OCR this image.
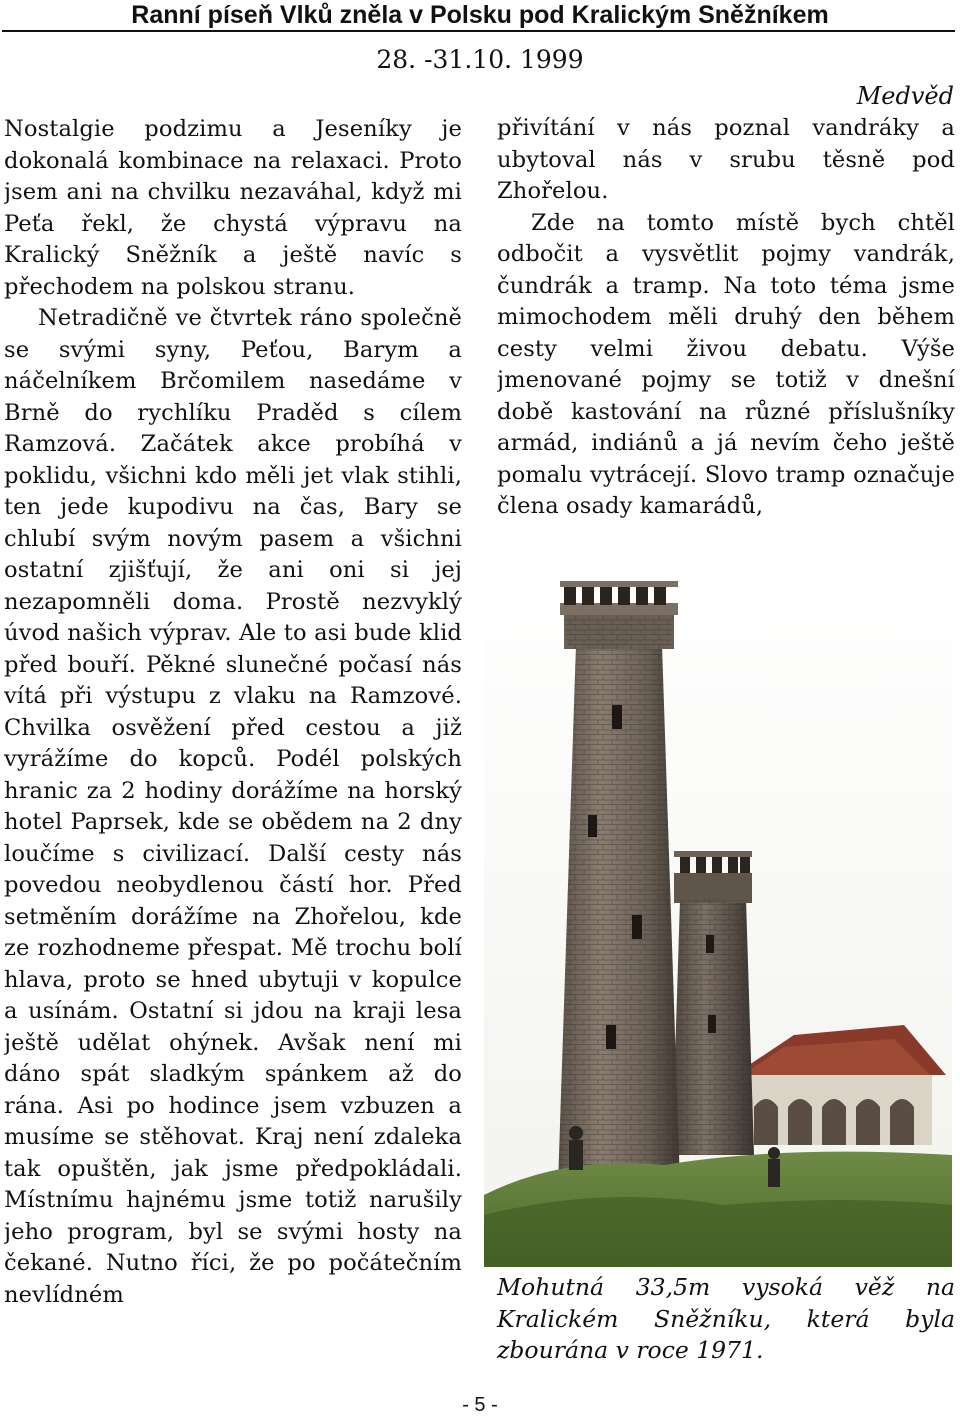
Ranní píseň Vlků zněla v Polsku pod Kralickým Sněžníkem
28. -31.10. 1999

Nostalgie podzimu a Jeseníky je dokonalá kombinace na relaxaci. Proto jsem ani na chvilku nezaváhal, když mi Peťa řekl, že chystá výpravu na Kralický Sněžník a ještě navíc s přechodem na polskou stranu.

Netradičně ve čtvrtek ráno společně se svými syny, Peťou, Barym a náčelníkem Brčomilem nasedáme v Brně do rychlíku Praděd s cílem Ramzová. Začátek akce probíhá v poklidu, všichni kdo měli jet vlak stihli, ten jede kupodivu na čas, Bary se chlubí svým novým pasem a všichni ostatní zjišťují, že ani oni si jej nezapomněli doma. Prostě nezvyklý úvod našich výprav. Ale to asi bude klid před bouří. Pěkné slunečné počasí nás vítá při výstupu z vlaku na Ramzové. Chvilka osvěžení před cestou a již vyrážíme do kopců. Podél polských hranic za 2 hodiny dorážíme na horský hotel Paprsek, kde se obědem na 2 dny loučíme s civilizací. Další cesty nás povedou neobydlenou částí hor. Před setměním dorážíme na Zhořelou, kde ze rozhodneme přespat. Mě trochu bolí hlava, proto se hned ubytuji v kopulce a usínám. Ostatní si jdou na kraji lesa ještě udělat ohýnek. Avšak není mi dáno spát sladkým spánkem až do rána. Asi po hodince jsem vzbuzen a musíme se stěhovat. Kraj není zdaleka tak opuštěn, jak jsme předpokládali. Místnímu hajnému jsme totiž narušily jeho program, byl se svými hosty na čekané. Nutno říci, že po počátečním nevlídném

Medvěd

přivítání v nás poznal vandráky a ubytoval nás v srubu těsně pod Zhořelou.

Zde na tomto místě bych chtěl odbočit a vysvětlit pojmy vandrák, čundrák a tramp. Na toto téma jsme mimochodem měli druhý den během cesty velmi živou debatu. Výše jmenované pojmy se totiž v dnešní době kastování na různé příslušníky armád, indiánů a já nevím čeho ještě pomalu vytrácejí. Slovo tramp označuje člena osady kamarádů,

Mohutná 33,5m vysoká věž na Kralickém Sněžníku, která byla zbourána v roce 1971.
- 5 -
